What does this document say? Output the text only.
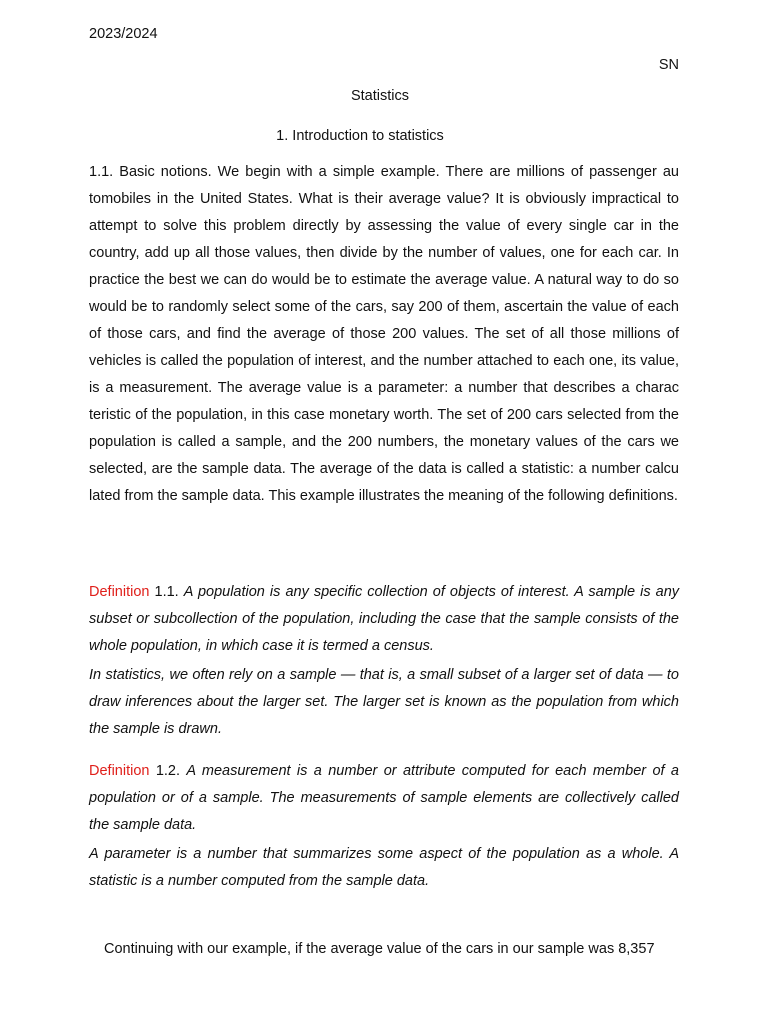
2023/2024
SN
Statistics
1. Introduction to statistics

1.1. Basic notions. We begin with a simple example. There are millions of passenger au tomobiles in the United States. What is their average value? It is obviously impractical to attempt to solve this problem directly by assessing the value of every single car in the country, add up all those values, then divide by the number of values, one for each car. In practice the best we can do would be to estimate the average value. A natural way to do so would be to randomly select some of the cars, say 200 of them, ascertain the value of each of those cars, and find the average of those 200 values. The set of all those millions of vehicles is called the population of interest, and the number attached to each one, its value, is a measurement. The average value is a parameter: a number that describes a charac teristic of the population, in this case monetary worth. The set of 200 cars selected from the population is called a sample, and the 200 numbers, the monetary values of the cars we selected, are the sample data. The average of the data is called a statistic: a number calcu lated from the sample data. This example illustrates the meaning of the following definitions.

Definition 1.1. A population is any specific collection of objects of interest. A sample is any subset or subcollection of the population, including the case that the sample consists of the whole population, in which case it is termed a census.

In statistics, we often rely on a sample — that is, a small subset of a larger set of data — to draw inferences about the larger set. The larger set is known as the population from which the sample is drawn.

Definition 1.2. A measurement is a number or attribute computed for each member of a population or of a sample. The measurements of sample elements are collectively called the sample data.

A parameter is a number that summarizes some aspect of the population as a whole. A statistic is a number computed from the sample data.

Continuing with our example, if the average value of the cars in our sample was 8,357
